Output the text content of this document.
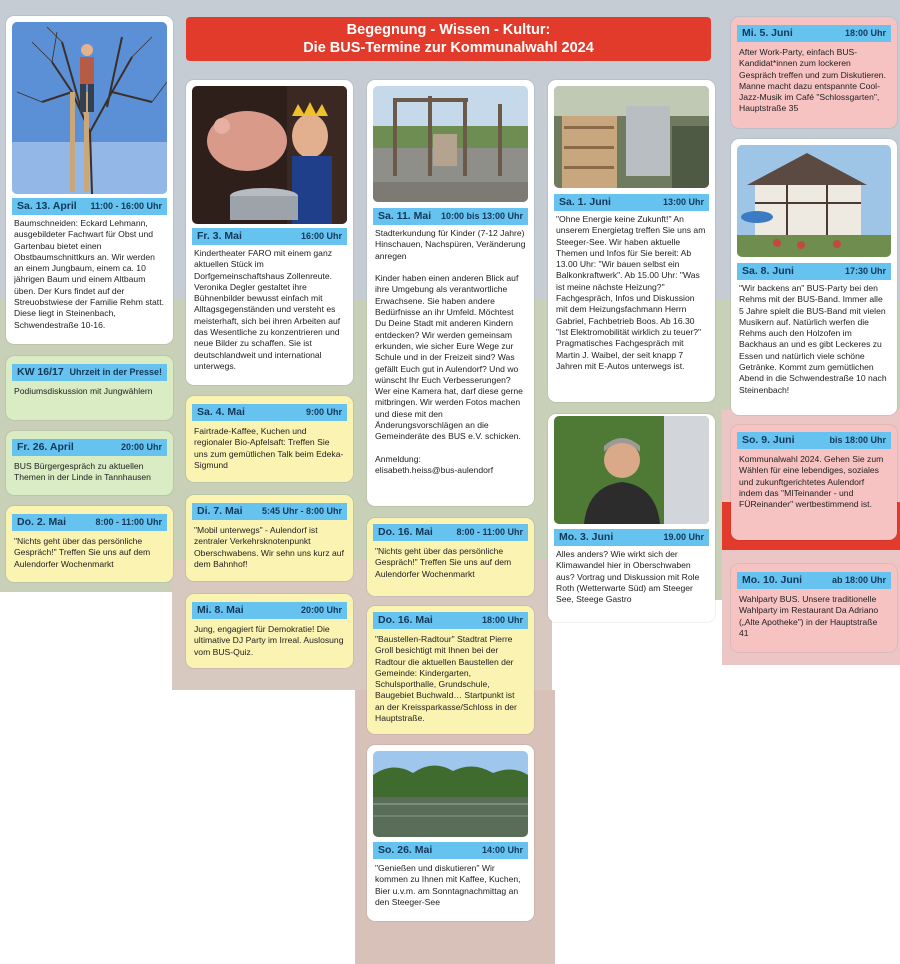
Begegnung - Wissen - Kultur:
Die BUS-Termine zur Kommunalwahl 2024
Sa. 13. April 11:00 - 16:00 Uhr
Baumschneiden: Eckard Lehmann, ausgebildeter Fachwart für Obst und Gartenbau bietet einen Obstbaumschnittkurs an. Wir werden an einem Jungbaum, einem ca. 10 jährigen Baum und einem Altbaum üben. Der Kurs findet auf der Streuobstwiese der Familie Rehm statt. Diese liegt in Steinenbach, Schwendestraße 10-16.
KW 16/17 Uhrzeit in der Presse!
Podiumsdiskussion mit Jungwählern
Fr. 26. April	20:00 Uhr
BUS Bürgergespräch zu aktuellen Themen in der Linde in Tannhausen
Do. 2. Mai	8:00 - 11:00 Uhr
"Nichts geht über das persönliche Gespräch!" Treffen Sie uns auf dem Aulendorfer Wochenmarkt
Fr. 3. Mai	16:00 Uhr
Kindertheater FARO mit einem ganz aktuellen Stück im Dorfgemeinschaftshaus Zollenreute. Veronika Degler gestaltet ihre Bühnenbilder bewusst einfach mit Alltagsgegenständen und versteht es meisterhaft, sich bei ihren Arbeiten auf das Wesentliche zu konzentrieren und neue Bilder zu schaffen. Sie ist deutschlandweit und international unterwegs.
Sa. 4. Mai	9:00 Uhr
Fairtrade-Kaffee, Kuchen und regionaler Bio-Apfelsaft: Treffen Sie uns zum gemütlichen Talk beim Edeka-Sigmund
Di. 7. Mai 5:45 Uhr - 8:00 Uhr
"Mobil unterwegs" - Aulendorf ist zentraler Verkehrsknotenpunkt Oberschwabens. Wir sehn uns kurz auf dem Bahnhof!
Mi. 8. Mai	20:00 Uhr
Jung, engagiert für Demokratie! Die ultimative DJ Party im Irreal. Auslosung vom BUS-Quiz.
Sa. 11. Mai 10:00 bis 13:00 Uhr
Stadterkundung für Kinder (7-12 Jahre) Hinschauen, Nachspüren, Veränderung anregen

Kinder haben einen anderen Blick auf ihre Umgebung als verantwortliche Erwachsene. Sie haben andere Bedürfnisse an ihr Umfeld. Möchtest Du Deine Stadt mit anderen Kindern entdecken? Wir werden gemeinsam erkunden, wie sicher Eure Wege zur Schule und in der Freizeit sind? Was gefällt Euch gut in Aulendorf? Und wo wünscht Ihr Euch Verbesserungen? Wer eine Kamera hat, darf diese gerne mitbringen. Wir werden Fotos machen und diese mit den Änderungsvorschlägen an die Gemeinderäte des BUS e.V. schicken.

Anmeldung:
elisabeth.heiss@bus-aulendorf
Do. 16. Mai	8:00 - 11:00 Uhr
"Nichts geht über das persönliche Gespräch!" Treffen Sie uns auf dem Aulendorfer Wochenmarkt
Do. 16. Mai	18:00 Uhr
"Baustellen-Radtour" Stadtrat Pierre Groll besichtigt mit Ihnen bei der Radtour die aktuellen Baustellen der Gemeinde: Kindergarten, Schulsporthalle, Grundschule, Baugebiet Buchwald… Startpunkt ist an der Kreissparkasse/Schloss in der Hauptstraße.
So. 26. Mai	14:00 Uhr
"Genießen und diskutieren" Wir kommen zu Ihnen mit Kaffee, Kuchen, Bier u.v.m. am Sonntagnachmittag an den Steeger-See
Sa. 1. Juni	13:00 Uhr
"Ohne Energie keine Zukunft!" An unserem Energietag treffen Sie uns am Steeger-See. Wir haben aktuelle Themen und Infos für Sie bereit: Ab 13.00 Uhr: "Wir bauen selbst ein Balkonkraftwerk". Ab 15.00 Uhr: "Was ist meine nächste Heizung?" Fachgespräch, Infos und Diskussion mit dem Heizungsfachmann Herrn Gabriel, Fachbetrieb Boos. Ab 16.30 "Ist Elektromobilität wirklich zu teuer?" Pragmatisches Fachgespräch mit Martin J. Waibel, der seit knapp 7 Jahren mit E-Autos unterwegs ist.
Mo. 3. Juni	19.00 Uhr
Alles anders? Wie wirkt sich der Klimawandel hier in Oberschwaben aus? Vortrag und Diskussion mit Role Roth (Wetterwarte Süd) am Steeger See, Steege Gastro
Mi. 5. Juni	18:00 Uhr
After Work-Party, einfach BUS-Kandidat*innen zum lockeren Gespräch treffen und zum Diskutieren. Manne macht dazu entspannte Cool-Jazz-Musik im Café "Schlossgarten", Hauptstraße 35
Sa. 8. Juni	17:30 Uhr
"Wir backens an" BUS-Party bei den Rehms mit der BUS-Band. Immer alle 5 Jahre spielt die BUS-Band mit vielen Musikern auf. Natürlich werfen die Rehms auch den Holzofen im Backhaus an und es gibt Leckeres zu Essen und natürlich viele schöne Getränke. Kommt zum gemütlichen Abend in die Schwendestraße 10 nach Steinenbach!
So. 9. Juni	bis 18:00 Uhr
Kommunalwahl 2024. Gehen Sie zum Wählen für eine lebendiges, soziales und zukunftgerichtetes Aulendorf indem das "MITeinander - und FÜReinander" wertbestimmend ist.
Mo. 10. Juni	ab 18:00 Uhr
Wahlparty BUS. Unsere traditionelle Wahlparty im Restaurant Da Adriano („Alte Apotheke") in der Hauptstraße 41
